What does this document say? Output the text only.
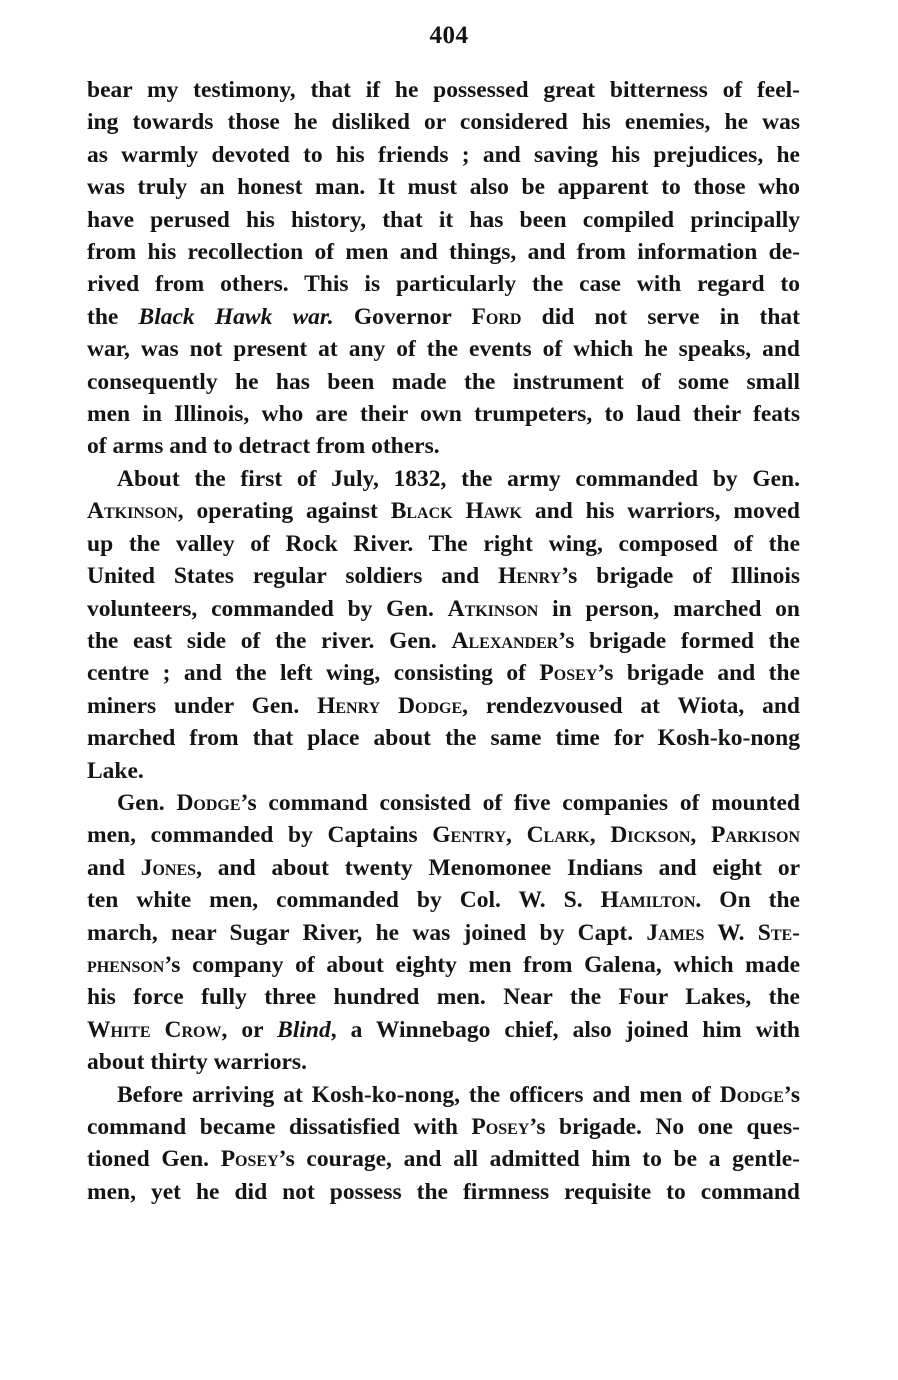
404

bear my testimony, that if he possessed great bitterness of feel-
ing towards those he disliked or considered his enemies, he was
as warmly devoted to his friends ; and saving his prejudices, he
was truly an honest man. It must also be apparent to those who
have perused his history, that it has been compiled principally
from his recollection of men and things, and from information de-
rived from others. This is particularly the case with regard to
the Black Hawk war. Governor Ford did not serve in that
war, was not present at any of the events of which he speaks, and
consequently he has been made the instrument of some small
men in Illinois, who are their own trumpeters, to laud their feats
of arms and to detract from others.

About the first of July, 1832, the army commanded by Gen.
Atkinson, operating against Black Hawk and his warriors, moved
up the valley of Rock River. The right wing, composed of the
United States regular soldiers and Henry’s brigade of Illinois
volunteers, commanded by Gen. Atkinson in person, marched on
the east side of the river. Gen. Alexander’s brigade formed the
centre ; and the left wing, consisting of Posey’s brigade and the
miners under Gen. Henry Dodge, rendezvoused at Wiota, and
marched from that place about the same time for Kosh-ko-nong
Lake.

Gen. Dodge’s command consisted of five companies of mounted
men, commanded by Captains Gentry, Clark, Dickson, Parkison
and Jones, and about twenty Menomonee Indians and eight or
ten white men, commanded by Col. W. S. Hamilton. On the
march, near Sugar River, he was joined by Capt. James W. Ste-
phenson’s company of about eighty men from Galena, which made
his force fully three hundred men. Near the Four Lakes, the
White Crow, or Blind, a Winnebago chief, also joined him with
about thirty warriors.

Before arriving at Kosh-ko-nong, the officers and men of Dodge’s
command became dissatisfied with Posey’s brigade. No one ques-
tioned Gen. Posey’s courage, and all admitted him to be a gentle-
men, yet he did not possess the firmness requisite to command
